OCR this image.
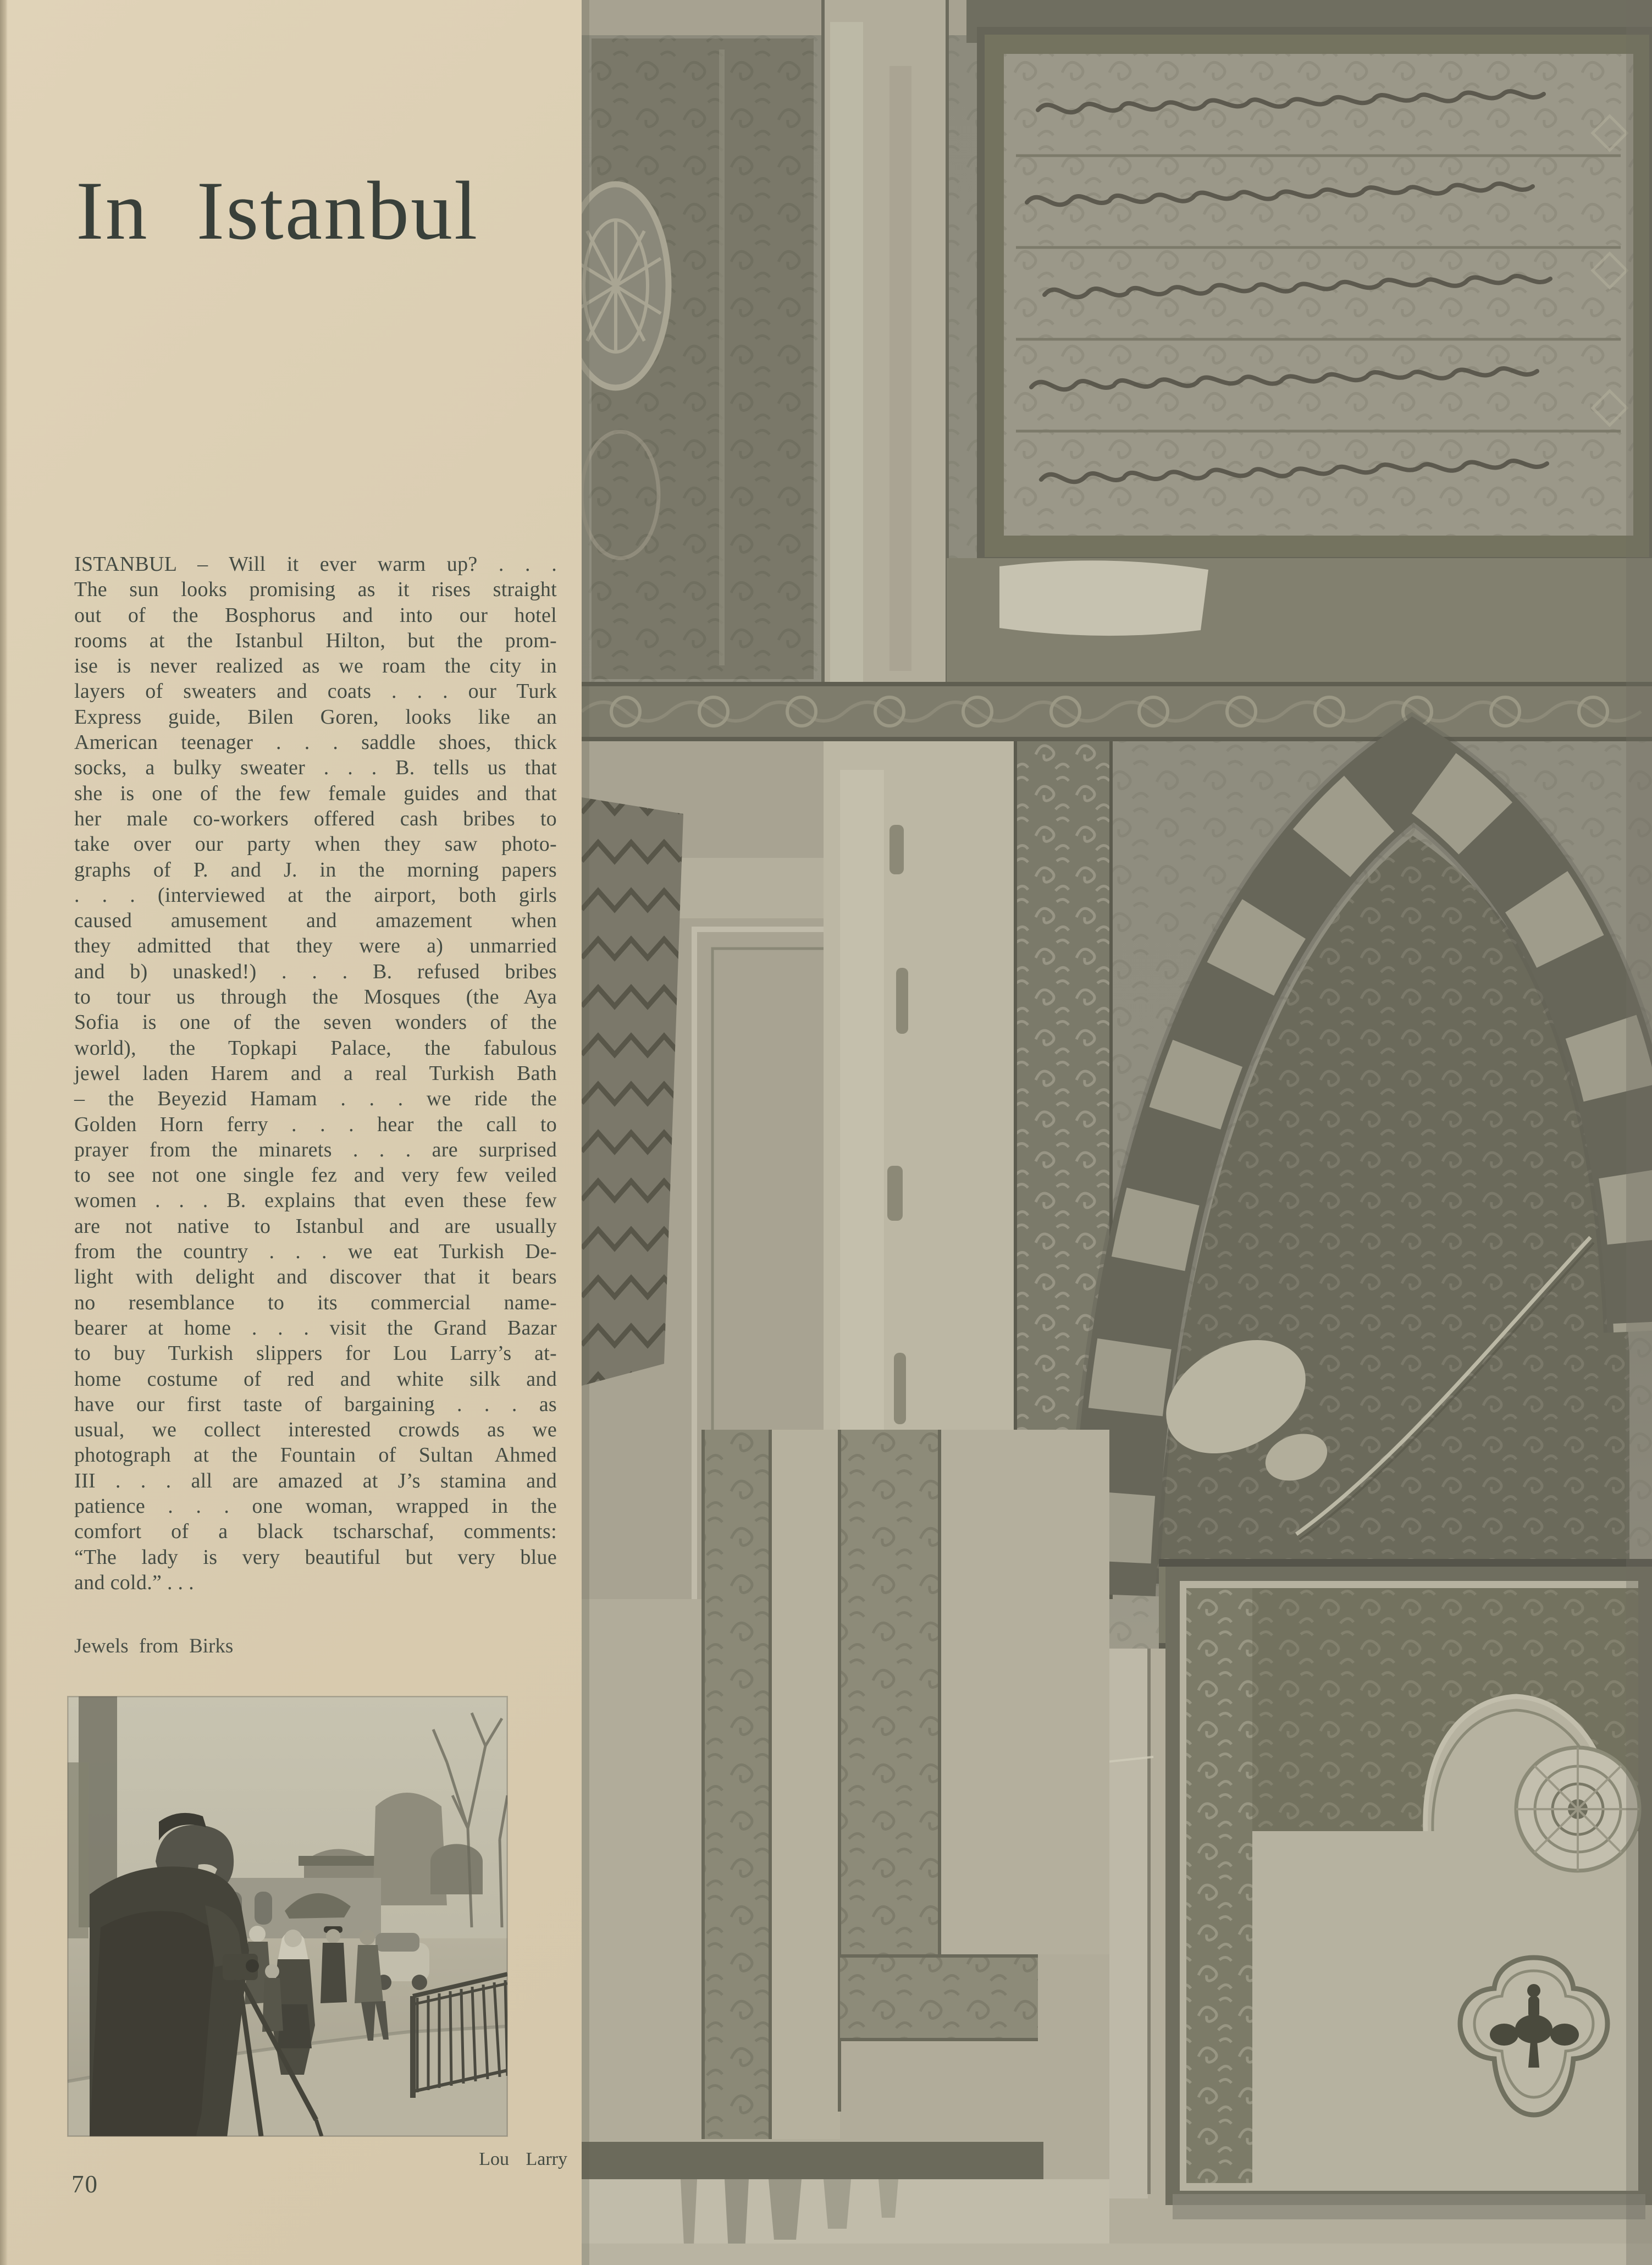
In Istanbul
ISTANBUL – Will it ever warm up? . . .
The sun looks promising as it rises straight
out of the Bosphorus and into our hotel
rooms at the Istanbul Hilton, but the prom-
ise is never realized as we roam the city in
layers of sweaters and coats . . . our Turk
Express guide, Bilen Goren, looks like an
American teenager . . . saddle shoes, thick
socks, a bulky sweater . . . B. tells us that
she is one of the few female guides and that
her male co-workers offered cash bribes to
take over our party when they saw photo-
graphs of P. and J. in the morning papers
. . . (interviewed at the airport, both girls
caused amusement and amazement when
they admitted that they were a) unmarried
and b) unasked!) . . . B. refused bribes
to tour us through the Mosques (the Aya
Sofia is one of the seven wonders of the
world), the Topkapi Palace, the fabulous
jewel laden Harem and a real Turkish Bath
– the Beyezid Hamam . . . we ride the
Golden Horn ferry . . . hear the call to
prayer from the minarets . . . are surprised
to see not one single fez and very few veiled
women . . . B. explains that even these few
are not native to Istanbul and are usually
from the country . . . we eat Turkish De-
light with delight and discover that it bears
no resemblance to its commercial name-
bearer at home . . . visit the Grand Bazar
to buy Turkish slippers for Lou Larry’s at-
home costume of red and white silk and
have our first taste of bargaining . . . as
usual, we collect interested crowds as we
photograph at the Fountain of Sultan Ahmed
III . . . all are amazed at J’s stamina and
patience . . . one woman, wrapped in the
comfort of a black tscharschaf, comments:
“The lady is very beautiful but very blue
and cold.” . . .
Jewels from Birks
Lou Larry
70
